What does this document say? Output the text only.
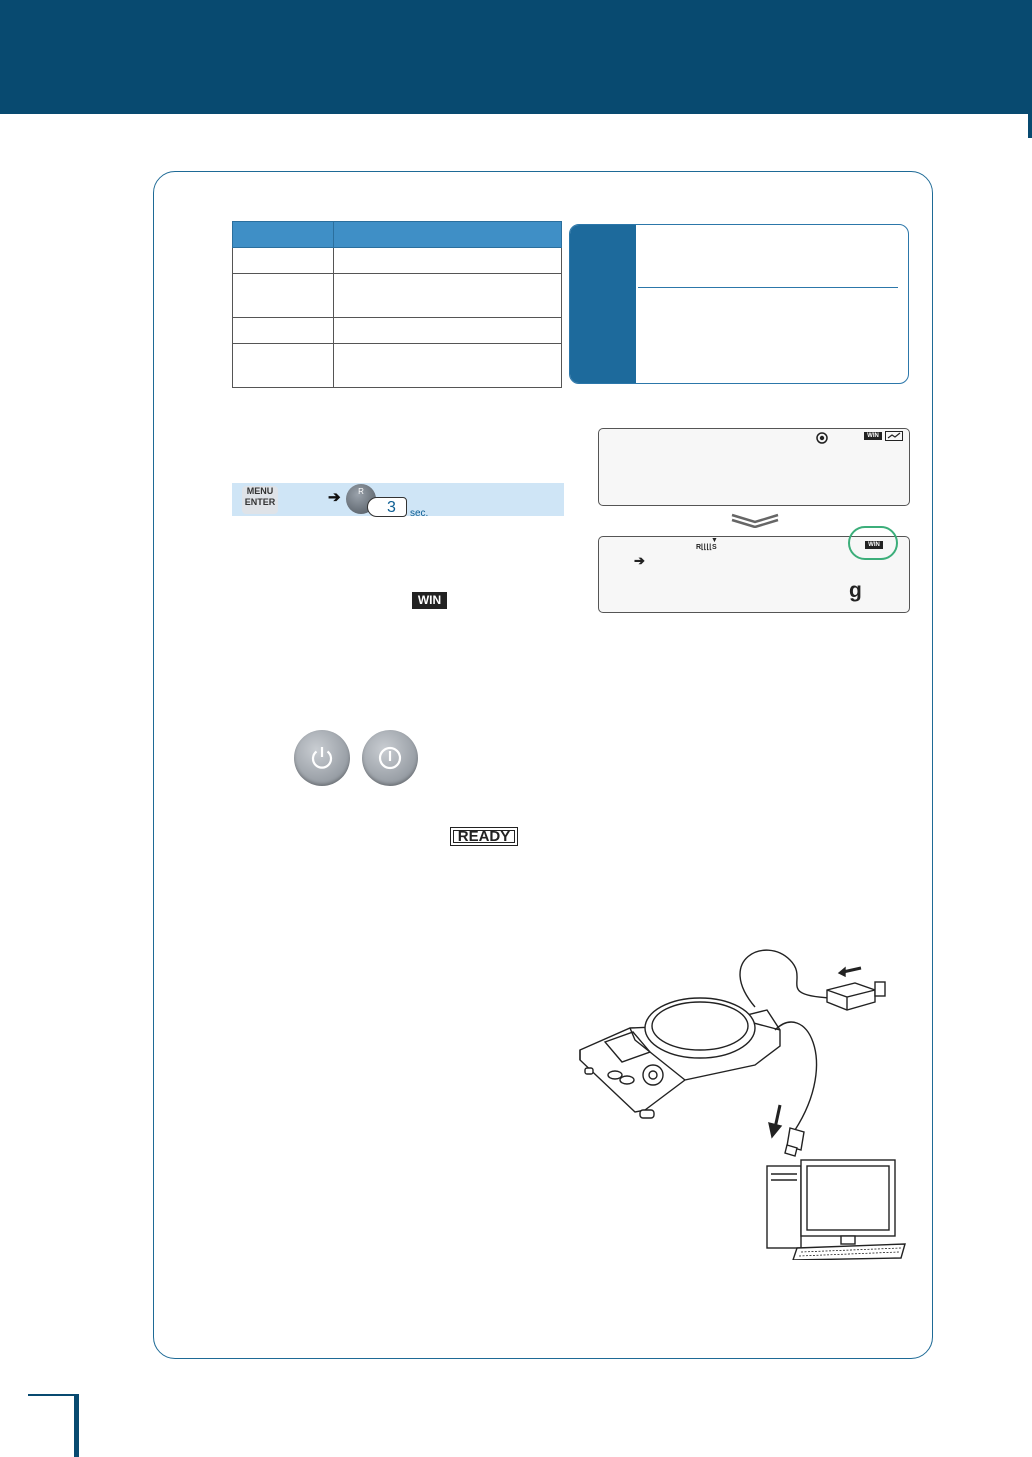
MENU
ENTER	➔	R
3 sec.
WIN
WIN
R⌊⌊⌊⌊S
▼
➔
WIN
g
READY
